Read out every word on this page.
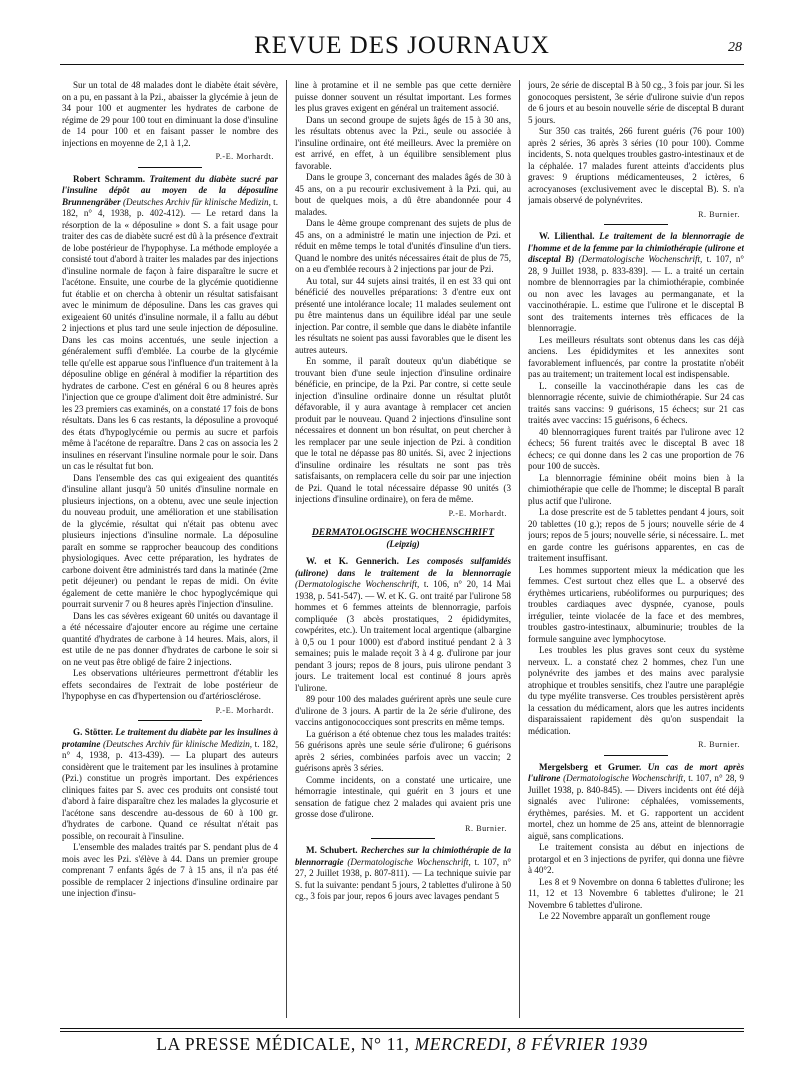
REVUE DES JOURNAUX	28

Sur un total de 48 malades dont le diabète était sévère, on a pu, en passant à la Pzi., abaisser la glycémie à jeun de 34 pour 100 et augmenter les hydrates de carbone de régime de 29 pour 100 tout en diminuant la dose d'insuline de 14 pour 100 et en faisant passer le nombre des injections en moyenne de 2,1 à 1,2.

P.-E. Morhardt.

Robert Schramm. Traitement du diabète sucré par l'insuline dépôt au moyen de la déposuline Brunnengräber (Deutsches Archiv für klinische Medizin, t. 182, n° 4, 1938, p. 402-412). — Le retard dans la résorption de la « déposuline » dont S. a fait usage pour traiter des cas de diabète sucré est dû à la présence d'extrait de lobe postérieur de l'hypophyse. La méthode employée a consisté tout d'abord à traiter les malades par des injections d'insuline normale de façon à faire disparaître le sucre et l'acétone. Ensuite, une courbe de la glycémie quotidienne fut établie et on chercha à obtenir un résultat satisfaisant avec le minimum de déposuline. Dans les cas graves qui exigeaient 60 unités d'insuline normale, il a fallu au début 2 injections et plus tard une seule injection de déposuline. Dans les cas moins accentués, une seule injection a généralement suffi d'emblée. La courbe de la glycémie telle qu'elle est apparue sous l'influence d'un traitement à la déposuline oblige en général à modifier la répartition des hydrates de carbone. C'est en général 6 ou 8 heures après l'injection que ce groupe d'aliment doit être administré. Sur les 23 premiers cas examinés, on a constaté 17 fois de bons résultats. Dans les 6 cas restants, la déposuline a provoqué des états d'hypoglycémie ou permis au sucre et parfois même à l'acétone de reparaître. Dans 2 cas on associa les 2 insulines en réservant l'insuline normale pour le soir. Dans un cas le résultat fut bon.

Dans l'ensemble des cas qui exigeaient des quantités d'insuline allant jusqu'à 50 unités d'insuline normale en plusieurs injections, on a obtenu, avec une seule injection du nouveau produit, une amélioration et une stabilisation de la glycémie, résultat qui n'était pas obtenu avec plusieurs injections d'insuline normale. La déposuline paraît en somme se rapprocher beaucoup des conditions physiologiques. Avec cette préparation, les hydrates de carbone doivent être administrés tard dans la matinée (2me petit déjeuner) ou pendant le repas de midi. On évite également de cette manière le choc hypoglycémique qui pourrait survenir 7 ou 8 heures après l'injection d'insuline.

Dans les cas sévères exigeant 60 unités ou davantage il a été nécessaire d'ajouter encore au régime une certaine quantité d'hydrates de carbone à 14 heures. Mais, alors, il est utile de ne pas donner d'hydrates de carbone le soir si on ne veut pas être obligé de faire 2 injections.

Les observations ultérieures permettront d'établir les effets secondaires de l'extrait de lobe postérieur de l'hypophyse en cas d'hypertension ou d'artériosclérose.

P.-E. Morhardt.

G. Stötter. Le traitement du diabète par les insulines à protamine (Deutsches Archiv für klinische Medizin, t. 182, n° 4, 1938, p. 413-439). — La plupart des auteurs considèrent que le traitement par les insulines à protamine (Pzi.) constitue un progrès important. Des expériences cliniques faites par S. avec ces produits ont consisté tout d'abord à faire disparaître chez les malades la glycosurie et l'acétone sans descendre au-dessous de 60 à 100 gr. d'hydrates de carbone. Quand ce résultat n'était pas possible, on recourait à l'insuline.

L'ensemble des malades traités par S. pendant plus de 4 mois avec les Pzi. s'élève à 44. Dans un premier groupe comprenant 7 enfants âgés de 7 à 15 ans, il n'a pas été possible de remplacer 2 injections d'insuline ordinaire par une injection d'insu-

line à protamine et il ne semble pas que cette dernière puisse donner souvent un résultat important. Les formes les plus graves exigent en général un traitement associé.

Dans un second groupe de sujets âgés de 15 à 30 ans, les résultats obtenus avec la Pzi., seule ou associée à l'insuline ordinaire, ont été meilleurs. Avec la première on est arrivé, en effet, à un équilibre sensiblement plus favorable.

Dans le groupe 3, concernant des malades âgés de 30 à 45 ans, on a pu recourir exclusivement à la Pzi. qui, au bout de quelques mois, a dû être abandonnée pour 4 malades.

Dans le 4ème groupe comprenant des sujets de plus de 45 ans, on a administré le matin une injection de Pzi. et réduit en même temps le total d'unités d'insuline d'un tiers. Quand le nombre des unités nécessaires était de plus de 75, on a eu d'emblée recours à 2 injections par jour de Pzi.

Au total, sur 44 sujets ainsi traités, il en est 33 qui ont bénéficié des nouvelles préparations: 3 d'entre eux ont présenté une intolérance locale; 11 malades seulement ont pu être maintenus dans un équilibre idéal par une seule injection. Par contre, il semble que dans le diabète infantile les résultats ne soient pas aussi favorables que le disent les autres auteurs.

En somme, il paraît douteux qu'un diabétique se trouvant bien d'une seule injection d'insuline ordinaire bénéficie, en principe, de la Pzi. Par contre, si cette seule injection d'insuline ordinaire donne un résultat plutôt défavorable, il y aura avantage à remplacer cet ancien produit par le nouveau. Quand 2 injections d'insuline sont nécessaires et donnent un bon résultat, on peut chercher à les remplacer par une seule injection de Pzi. à condition que le total ne dépasse pas 80 unités. Si, avec 2 injections d'insuline ordinaire les résultats ne sont pas très satisfaisants, on remplacera celle du soir par une injection de Pzi. Quand le total nécessaire dépasse 90 unités (3 injections d'insuline ordinaire), on fera de même.

P.-E. Morhardt.
DERMATOLOGISCHE WOCHENSCHRIFT
(Leipzig)

W. et K. Gennerich. Les composés sulfamidés (ulirone) dans le traitement de la blennorragie (Dermatologische Wochenschrift, t. 106, n° 20, 14 Mai 1938, p. 541-547). — W. et K. G. ont traité par l'ulirone 58 hommes et 6 femmes atteints de blennorragie, parfois compliquée (3 abcès prostatiques, 2 épididymites, cowpérites, etc.). Un traitement local argentique (albargine à 0,5 ou 1 pour 1000) est d'abord institué pendant 2 à 3 semaines; puis le malade reçoit 3 à 4 g. d'ulirone par jour pendant 3 jours; repos de 8 jours, puis ulirone pendant 3 jours. Le traitement local est continué 8 jours après l'ulirone.

89 pour 100 des malades guérirent après une seule cure d'ulirone de 3 jours. A partir de la 2e série d'ulirone, des vaccins antigonococciques sont prescrits en même temps.

La guérison a été obtenue chez tous les malades traités: 56 guérisons après une seule série d'ulirone; 6 guérisons après 2 séries, combinées parfois avec un vaccin; 2 guérisons après 3 séries.

Comme incidents, on a constaté une urticaire, une hémorragie intestinale, qui guérit en 3 jours et une sensation de fatigue chez 2 malades qui avaient pris une grosse dose d'ulirone.

R. Burnier.

M. Schubert. Recherches sur la chimiothérapie de la blennorragie (Dermatologische Wochenschrift, t. 107, n° 27, 2 Juillet 1938, p. 807-811). — La technique suivie par S. fut la suivante: pendant 5 jours, 2 tablettes d'ulirone à 50 cg., 3 fois par jour, repos 6 jours avec lavages pendant 5

jours, 2e série de disceptal B à 50 cg., 3 fois par jour. Si les gonocoques persistent, 3e série d'ulirone suivie d'un repos de 6 jours et au besoin nouvelle série de disceptal B durant 5 jours.

Sur 350 cas traités, 266 furent guéris (76 pour 100) après 2 séries, 36 après 3 séries (10 pour 100). Comme incidents, S. nota quelques troubles gastro-intestinaux et de la céphalée. 17 malades furent atteints d'accidents plus graves: 9 éruptions médicamenteuses, 2 ictères, 6 acrocyanoses (exclusivement avec le disceptal B). S. n'a jamais observé de polynévrites.

R. Burnier.

W. Lilienthal. Le traitement de la blennorragie de l'homme et de la femme par la chimiothérapie (ulirone et disceptal B) (Dermatologische Wochenschrift, t. 107, n° 28, 9 Juillet 1938, p. 833-839]. — L. a traité un certain nombre de blennorragies par la chimiothérapie, combinée ou non avec les lavages au permanganate, et la vaccinothérapie. L. estime que l'ulirone et le disceptal B sont des traitements internes très efficaces de la blennorragie.

Les meilleurs résultats sont obtenus dans les cas déjà anciens. Les épididymites et les annexites sont favorablement influencés, par contre la prostatite n'obéit pas au traitement; un traitement local est indispensable.

L. conseille la vaccinothérapie dans les cas de blennorragie récente, suivie de chimiothérapie. Sur 24 cas traités sans vaccins: 9 guérisons, 15 échecs; sur 21 cas traités avec vaccins: 15 guérisons, 6 échecs.

40 blennorragiques furent traités par l'ulirone avec 12 échecs; 56 furent traités avec le disceptal B avec 18 échecs; ce qui donne dans les 2 cas une proportion de 76 pour 100 de succès.

La blennorragie féminine obéit moins bien à la chimiothérapie que celle de l'homme; le disceptal B paraît plus actif que l'ulirone.

La dose prescrite est de 5 tablettes pendant 4 jours, soit 20 tablettes (10 g.); repos de 5 jours; nouvelle série de 4 jours; repos de 5 jours; nouvelle série, si nécessaire. L. met en garde contre les guérisons apparentes, en cas de traitement insuffisant.

Les hommes supportent mieux la médication que les femmes. C'est surtout chez elles que L. a observé des érythèmes urticariens, rubéoliformes ou purpuriques; des troubles cardiaques avec dyspnée, cyanose, pouls irrégulier, teinte violacée de la face et des membres, troubles gastro-intestinaux, albuminurie; troubles de la formule sanguine avec lymphocytose.

Les troubles les plus graves sont ceux du système nerveux. L. a constaté chez 2 hommes, chez l'un une polynévrite des jambes et des mains avec paralysie atrophique et troubles sensitifs, chez l'autre une paraplégie du type myélite transverse. Ces troubles persistèrent après la cessation du médicament, alors que les autres incidents disparaissaient rapidement dès qu'on suspendait la médication.

R. Burnier.

Mergelsberg et Grumer. Un cas de mort après l'ulirone (Dermatologische Wochenschrift, t. 107, n° 28, 9 Juillet 1938, p. 840-845). — Divers incidents ont été déjà signalés avec l'ulirone: céphalées, vomissements, érythèmes, parésies. M. et G. rapportent un accident mortel, chez un homme de 25 ans, atteint de blennorragie aiguë, sans complications.

Le traitement consista au début en injections de protargol et en 3 injections de pyrifer, qui donna une fièvre à 40°2.

Les 8 et 9 Novembre on donna 6 tablettes d'ulirone; les 11, 12 et 13 Novembre 6 tablettes d'ulirone; le 21 Novembre 6 tablettes d'ulirone.

Le 22 Novembre apparaît un gonflement rouge

LA PRESSE MÉDICALE, N° 11, MERCREDI, 8 FÉVRIER 1939
